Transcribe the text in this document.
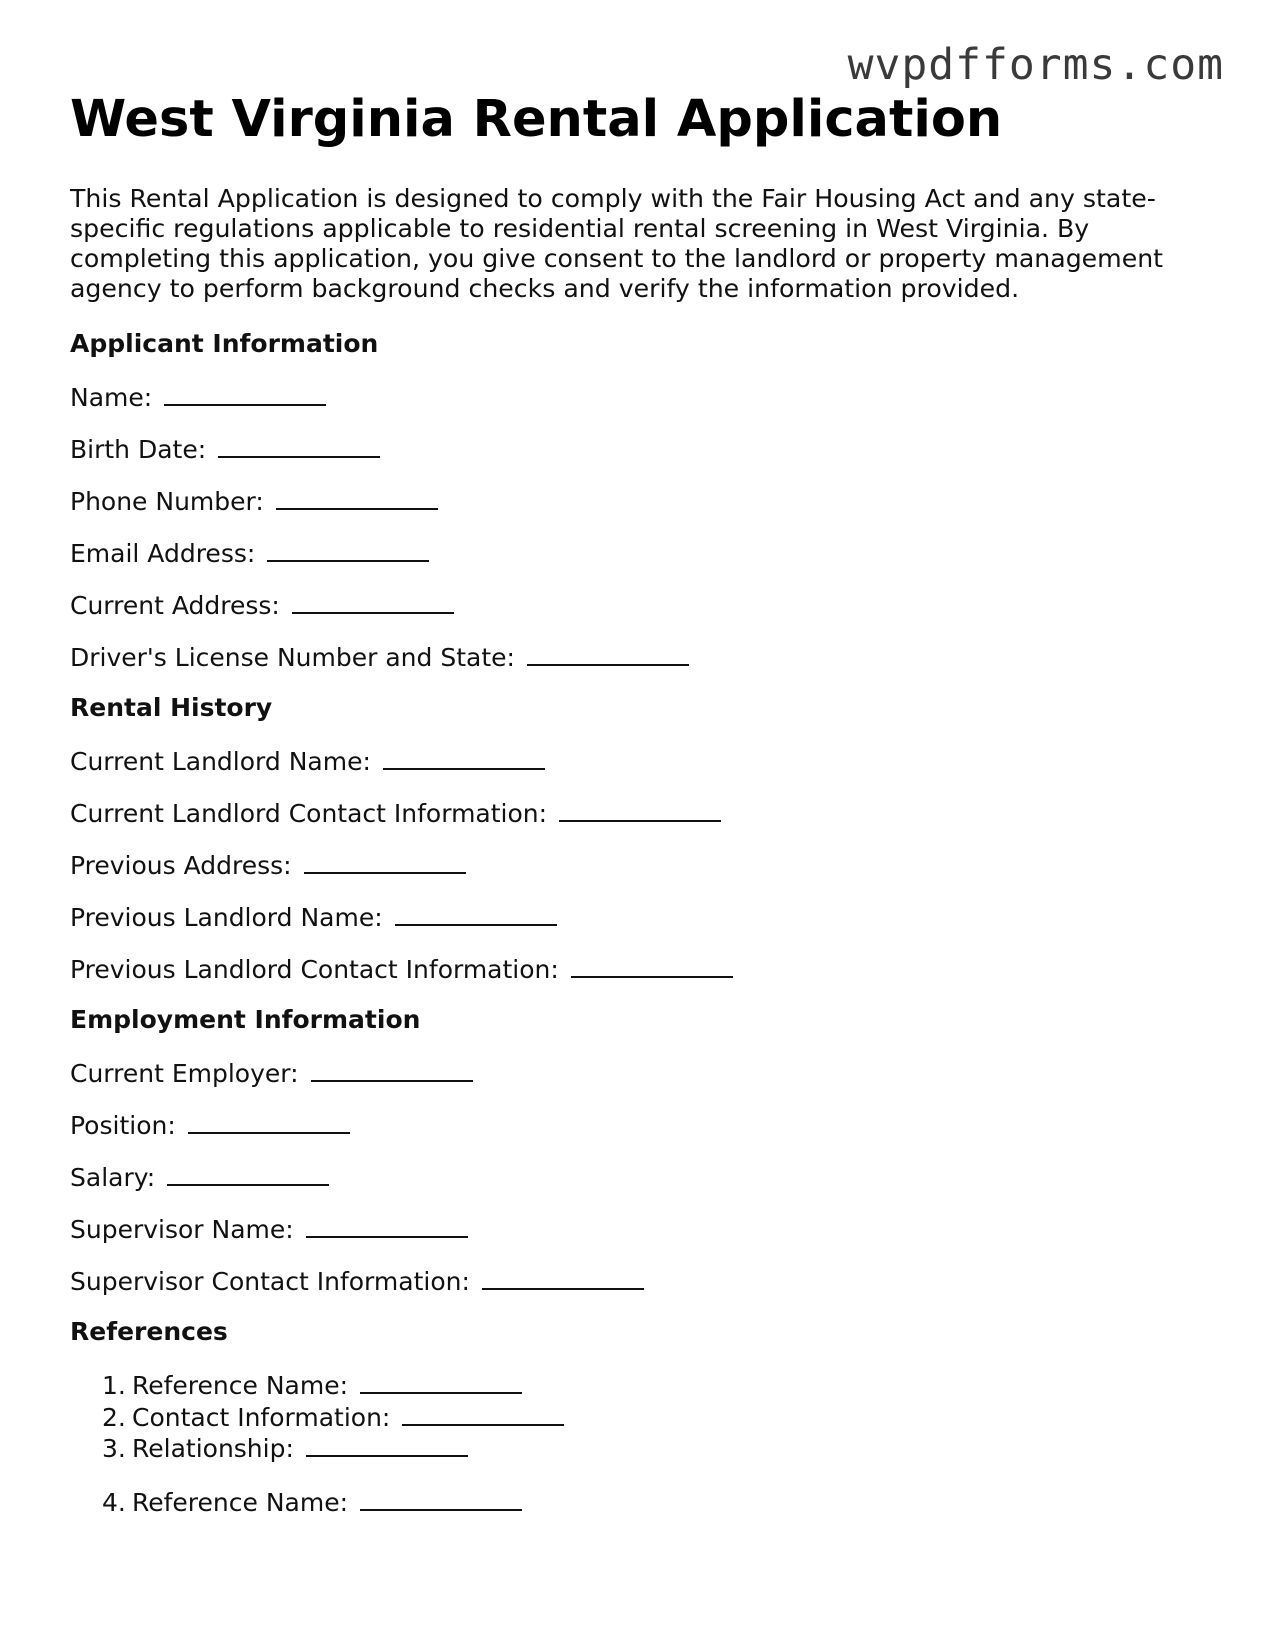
wvpdfforms.com
West Virginia Rental Application

This Rental Application is designed to comply with the Fair Housing Act and any state-specific regulations applicable to residential rental screening in West Virginia. By completing this application, you give consent to the landlord or property management agency to perform background checks and verify the information provided.

Applicant Information

Name:

Birth Date:

Phone Number:

Email Address:

Current Address:

Driver's License Number and State:

Rental History

Current Landlord Name:

Current Landlord Contact Information:

Previous Address:

Previous Landlord Name:

Previous Landlord Contact Information:

Employment Information

Current Employer:

Position:

Salary:

Supervisor Name:

Supervisor Contact Information:

References

1. Reference Name:
2. Contact Information:
3. Relationship:
4. Reference Name:
